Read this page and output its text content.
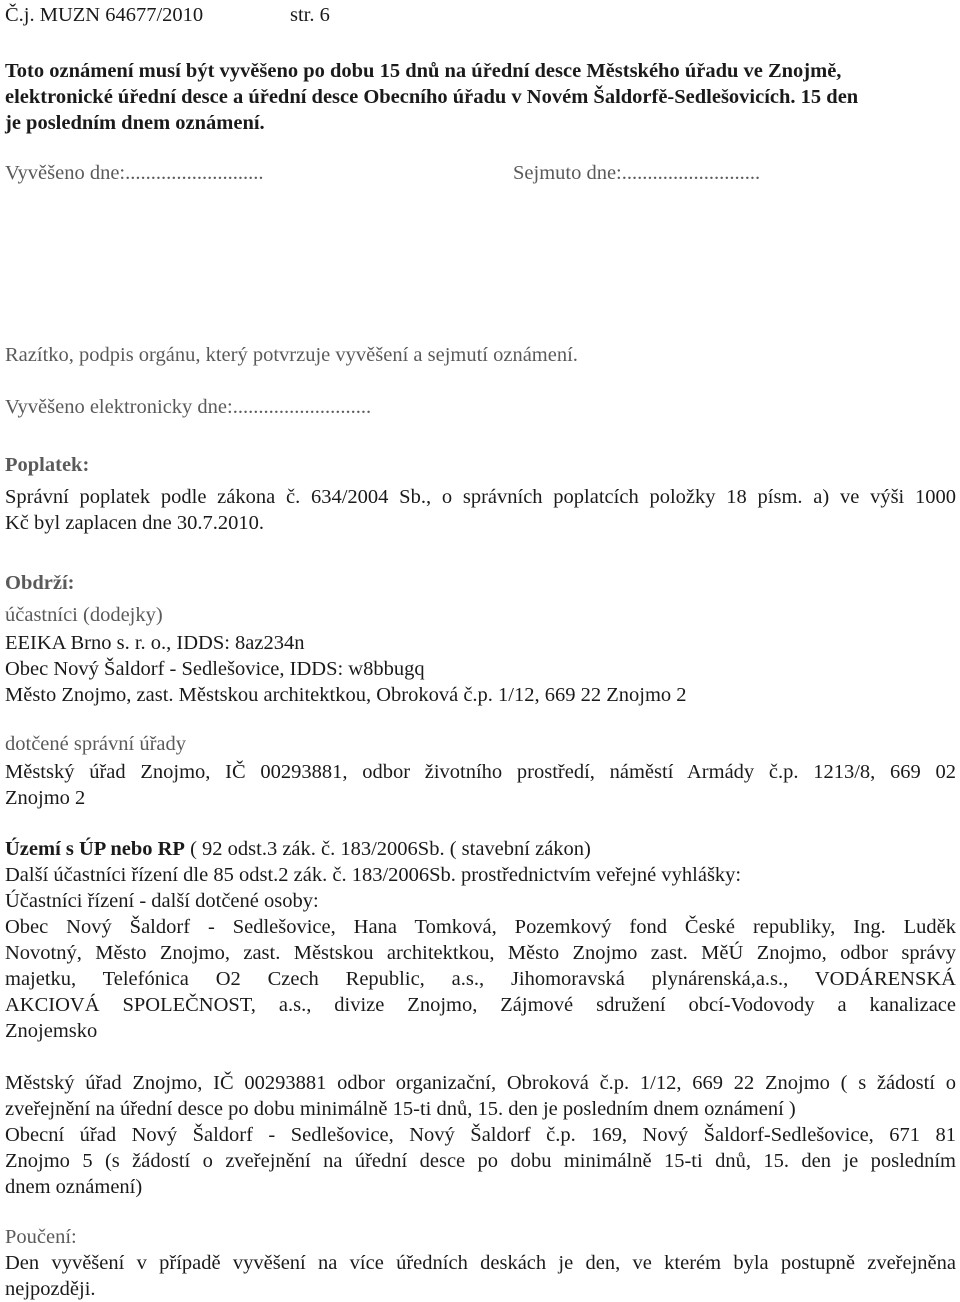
Č.j. MUZN 64677/2010	str. 6
Toto oznámení musí být vyvěšeno po dobu 15 dnů na úřední desce Městského úřadu ve Znojmě,
elektronické úřední desce a úřední desce Obecního úřadu v Novém Šaldorfě-Sedlešovicích. 15 den
je posledním dnem oznámení.
Vyvěšeno dne:...........................	Sejmuto dne:...........................
Razítko, podpis orgánu, který potvrzuje vyvěšení a sejmutí oznámení.
Vyvěšeno elektronicky dne:...........................
Poplatek:
Správní poplatek podle zákona č. 634/2004 Sb., o správních poplatcích položky 18 písm. a) ve výši 1000
Kč byl zaplacen dne 30.7.2010.
Obdrží:
účastníci (dodejky)
EEIKA Brno s. r. o., IDDS: 8az234n
Obec Nový Šaldorf - Sedlešovice, IDDS: w8bbugq
Město Znojmo, zast. Městskou architektkou, Obroková č.p. 1/12, 669 22 Znojmo 2
dotčené správní úřady
Městský úřad Znojmo, IČ 00293881, odbor životního prostředí, náměstí Armády č.p. 1213/8, 669 02
Znojmo 2
Území s ÚP nebo RP ( 92 odst.3 zák. č. 183/2006Sb. ( stavební zákon)
Další účastníci řízení dle 85 odst.2 zák. č. 183/2006Sb. prostřednictvím veřejné vyhlášky:
Účastníci řízení - další dotčené osoby:
Obec Nový Šaldorf - Sedlešovice, Hana Tomková, Pozemkový fond České republiky, Ing. Luděk
Novotný, Město Znojmo, zast. Městskou architektkou, Město Znojmo zast. MěÚ Znojmo, odbor správy
majetku, Telefónica O2 Czech Republic, a.s., Jihomoravská plynárenská,a.s., VODÁRENSKÁ
AKCIOVÁ SPOLEČNOST, a.s., divize Znojmo, Zájmové sdružení obcí-Vodovody a kanalizace
Znojemsko
Městský úřad Znojmo, IČ 00293881 odbor organizační, Obroková č.p. 1/12, 669 22 Znojmo ( s žádostí o
zveřejnění na úřední desce po dobu minimálně 15-ti dnů, 15. den je posledním dnem oznámení )
Obecní úřad Nový Šaldorf - Sedlešovice, Nový Šaldorf č.p. 169, Nový Šaldorf-Sedlešovice, 671 81
Znojmo 5 (s žádostí o zveřejnění na úřední desce po dobu minimálně 15-ti dnů, 15. den je posledním
dnem oznámení)
Poučení:
Den vyvěšení v případě vyvěšení na více úředních deskách je den, ve kterém byla postupně zveřejněna
nejpozději.
